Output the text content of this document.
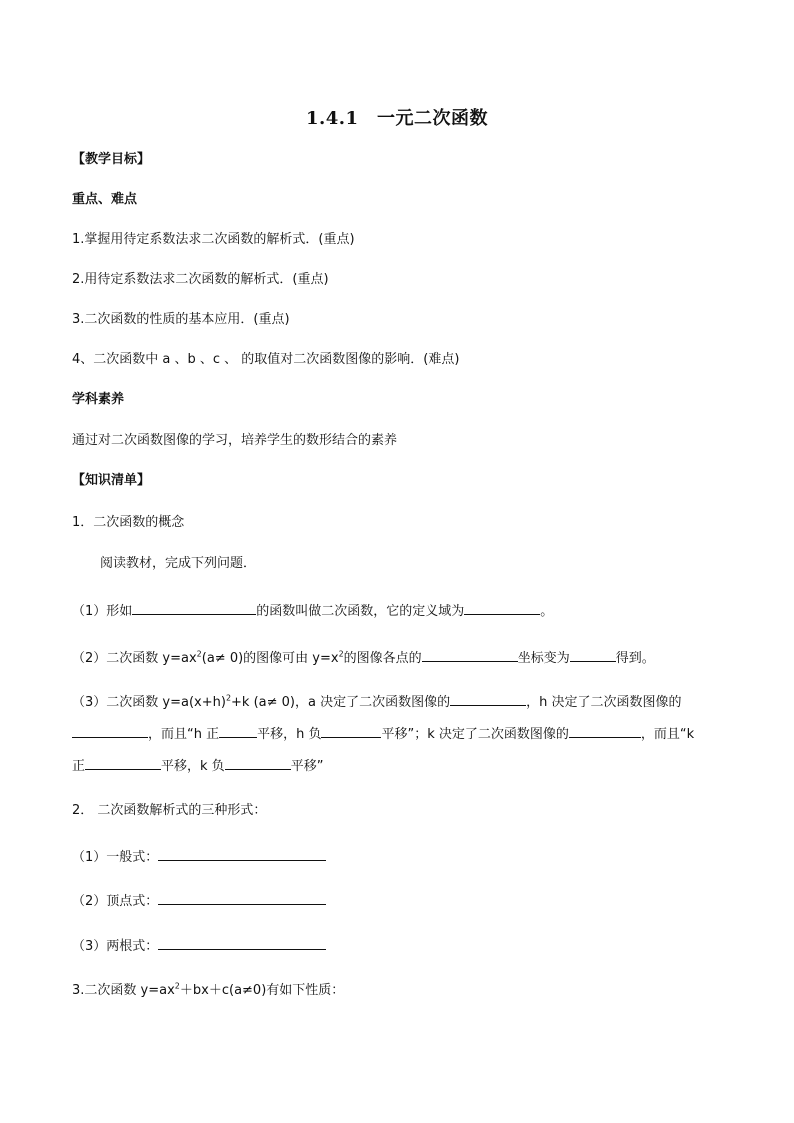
1.4.1　一元二次函数
【教学目标】
重点、难点
1.掌握用待定系数法求二次函数的解析式．(重点)
2.用待定系数法求二次函数的解析式．(重点)
3.二次函数的性质的基本应用．(重点)
4、二次函数中 a 、b 、c 、 的取值对二次函数图像的影响．(难点)
学科素养
通过对二次函数图像的学习，培养学生的数形结合的素养
【知识清单】
1．二次函数的概念
阅读教材，完成下列问题．
（1）形如	的函数叫做二次函数，它的定义域为	。
（2）二次函数 $y=ax^2(a\ne 0)$的图像可由 $y=x^2$的图像各点的	坐标变为	得到。
（3）二次函数 $y=a(x+h)^2+k$ (a≠ 0)，a 决定了二次函数图像的	，h 决定了二次函数图像的
，而且“h 正	平移，h 负	平移”；k 决定了二次函数图像的	，而且“k
正	平移，k 负	平移”
2． 二次函数解析式的三种形式：
（1）一般式：
（2）顶点式：
（3）两根式：
3.二次函数 $y=ax^2+bx+c(a\ne 0)$有如下性质：
